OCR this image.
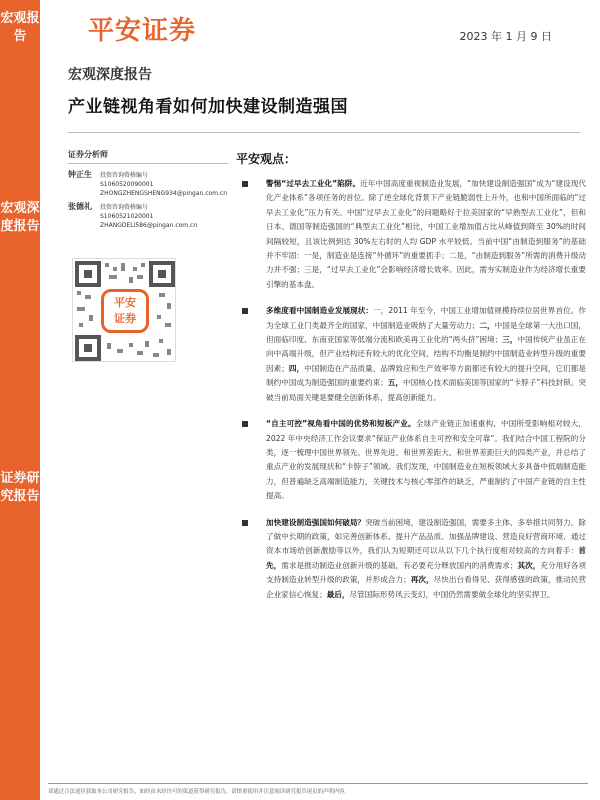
宏观报告
宏观深度报告
证券研究报告
平安证券	2023 年 1 月 9 日
宏观深度报告
产业链视角看如何加快建设制造强国
证券分析师
钟正生	投资咨询资格编号
S1060520090001
ZHONGZHENGSHENG934@pingan.com.cn
张德礼	投资咨询资格编号
S1060521020001
ZHANGDELI586@pingan.com.cn
平安
证券
平安观点：
警惕“过早去工业化”陷阱。近年中国高度重视制造业发展，“加快建设制造强国”成为“建设现代化产业体系”各项任务的首位。除了逆全球化背景下产业链脆弱性上升外，也和中国所面临的“过早去工业化”压力有关。中国“过早去工业化”的问题略好于拉美国家的“早熟型去工业化”，但和日本、德国等制造强国的“典型去工业化”相比，中国工业增加值占比从峰值到降至 30%的时间间隔较短，且该比例到达 30%左右时的人均 GDP 水平较低。当前中国“由制造到服务”的基础并不牢固：一是，制造业是连接“外循环”的重要抓手；二是，“由制造到服务”所需的消费升级动力并不强；三是，“过早去工业化”会影响经济增长效率。因此，需夯实制造业作为经济增长重要引擎的基本盘。
多维度看中国制造业发展现状：一，2011 年至今，中国工业增加值规模持续位居世界首位。作为全球工业门类最齐全的国家，中国制造业吸纳了大量劳动力；二，中国是全球第一大出口国，但面临印度、东南亚国家等低端分流和欧美再工业化的“两头挤”困境；三，中国传统产业虽正在向中高端升级，但产业结构还有较大的优化空间，结构不均衡是制约中国制造业转型升级的重要因素；四，中国制造在产品质量、品牌致应和生产效率等方面都还有较大的提升空间，它们都是制约中国成为制造强国的重要约束；五，中国核心技术面临美国等国家的“卡脖子”科技封锁。突破当前局面关键是要健全创新体系、提高创新能力。
“自主可控”视角看中国的优势和短板产业。全球产业链正加速重构，中国所受影响相对较大，2022 年中央经济工作会议要求“保证产业体系自主可控和安全可靠”。我们结合中国工程院的分类，逐一梳理中国世界领先、世界先进、和世界差距大、和世界差距巨大的四类产业，并总结了重点产业的发展现状和“卡脖子”领域。我们发现，中国制造业在短板领域大多具备中低端制造能力，但普遍缺乏高端制造能力，关键技术与核心零部件的缺乏，严重制约了中国产业链的自主性提高。
加快建设制造强国如何破局？突破当前困境，建设制造强国，需要多主体、多举措共同努力。除了做中长期的政策，如完善创新体系、提升产品品质、加强品牌建设、营造良好营商环境、通过资本市场给创新激励等以外，我们认为短期还可以从以下几个执行度相对较高的方向着手：首先，需求是推动制造业创新升级的基础，有必要充分释放国内的消费需求；其次，充分用好各项支持制造业转型升级的政策，并形成合力；再次，尽快出台看得见、获得感强的政策，推动民营企业家信心恢复；最后，尽管国际形势风云变幻，中国仍然需要做全球化的坚实捍卫。
请通过合法途径获取本公司研究报告，如经由未经许可的渠道获得研究报告，请慎重使用并注意阅读研究报告尾页的声明内容。
